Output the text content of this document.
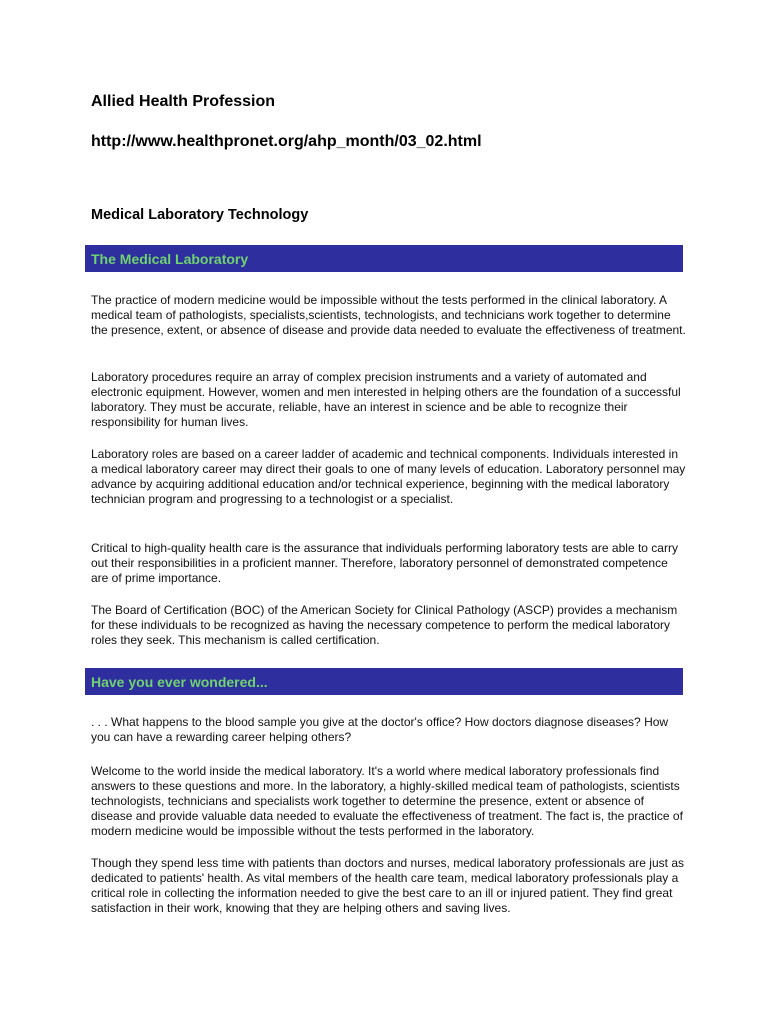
Allied Health Profession
http://www.healthpronet.org/ahp_month/03_02.html
Medical Laboratory Technology
The Medical Laboratory

The practice of modern medicine would be impossible without the tests performed in the clinical laboratory. A medical team of pathologists, specialists,scientists, technologists, and technicians work together to determine the presence, extent, or absence of disease and provide data needed to evaluate the effectiveness of treatment.

Laboratory procedures require an array of complex precision instruments and a variety of automated and electronic equipment. However, women and men interested in helping others are the foundation of a successful laboratory. They must be accurate, reliable, have an interest in science and be able to recognize their responsibility for human lives.

Laboratory roles are based on a career ladder of academic and technical components. Individuals interested in a medical laboratory career may direct their goals to one of many levels of education. Laboratory personnel may advance by acquiring additional education and/or technical experience, beginning with the medical laboratory technician program and progressing to a technologist or a specialist.

Critical to high-quality health care is the assurance that individuals performing laboratory tests are able to carry out their responsibilities in a proficient manner. Therefore, laboratory personnel of demonstrated competence are of prime importance.

The Board of Certification (BOC) of the American Society for Clinical Pathology (ASCP) provides a mechanism for these individuals to be recognized as having the necessary competence to perform the medical laboratory roles they seek. This mechanism is called certification.

Have you ever wondered...

. . . What happens to the blood sample you give at the doctor's office? How doctors diagnose diseases? How you can have a rewarding career helping others?

Welcome to the world inside the medical laboratory. It's a world where medical laboratory professionals find answers to these questions and more. In the laboratory, a highly-skilled medical team of pathologists, scientists technologists, technicians and specialists work together to determine the presence, extent or absence of disease and provide valuable data needed to evaluate the effectiveness of treatment. The fact is, the practice of modern medicine would be impossible without the tests performed in the laboratory.

Though they spend less time with patients than doctors and nurses, medical laboratory professionals are just as dedicated to patients' health. As vital members of the health care team, medical laboratory professionals play a critical role in collecting the information needed to give the best care to an ill or injured patient. They find great satisfaction in their work, knowing that they are helping others and saving lives.
